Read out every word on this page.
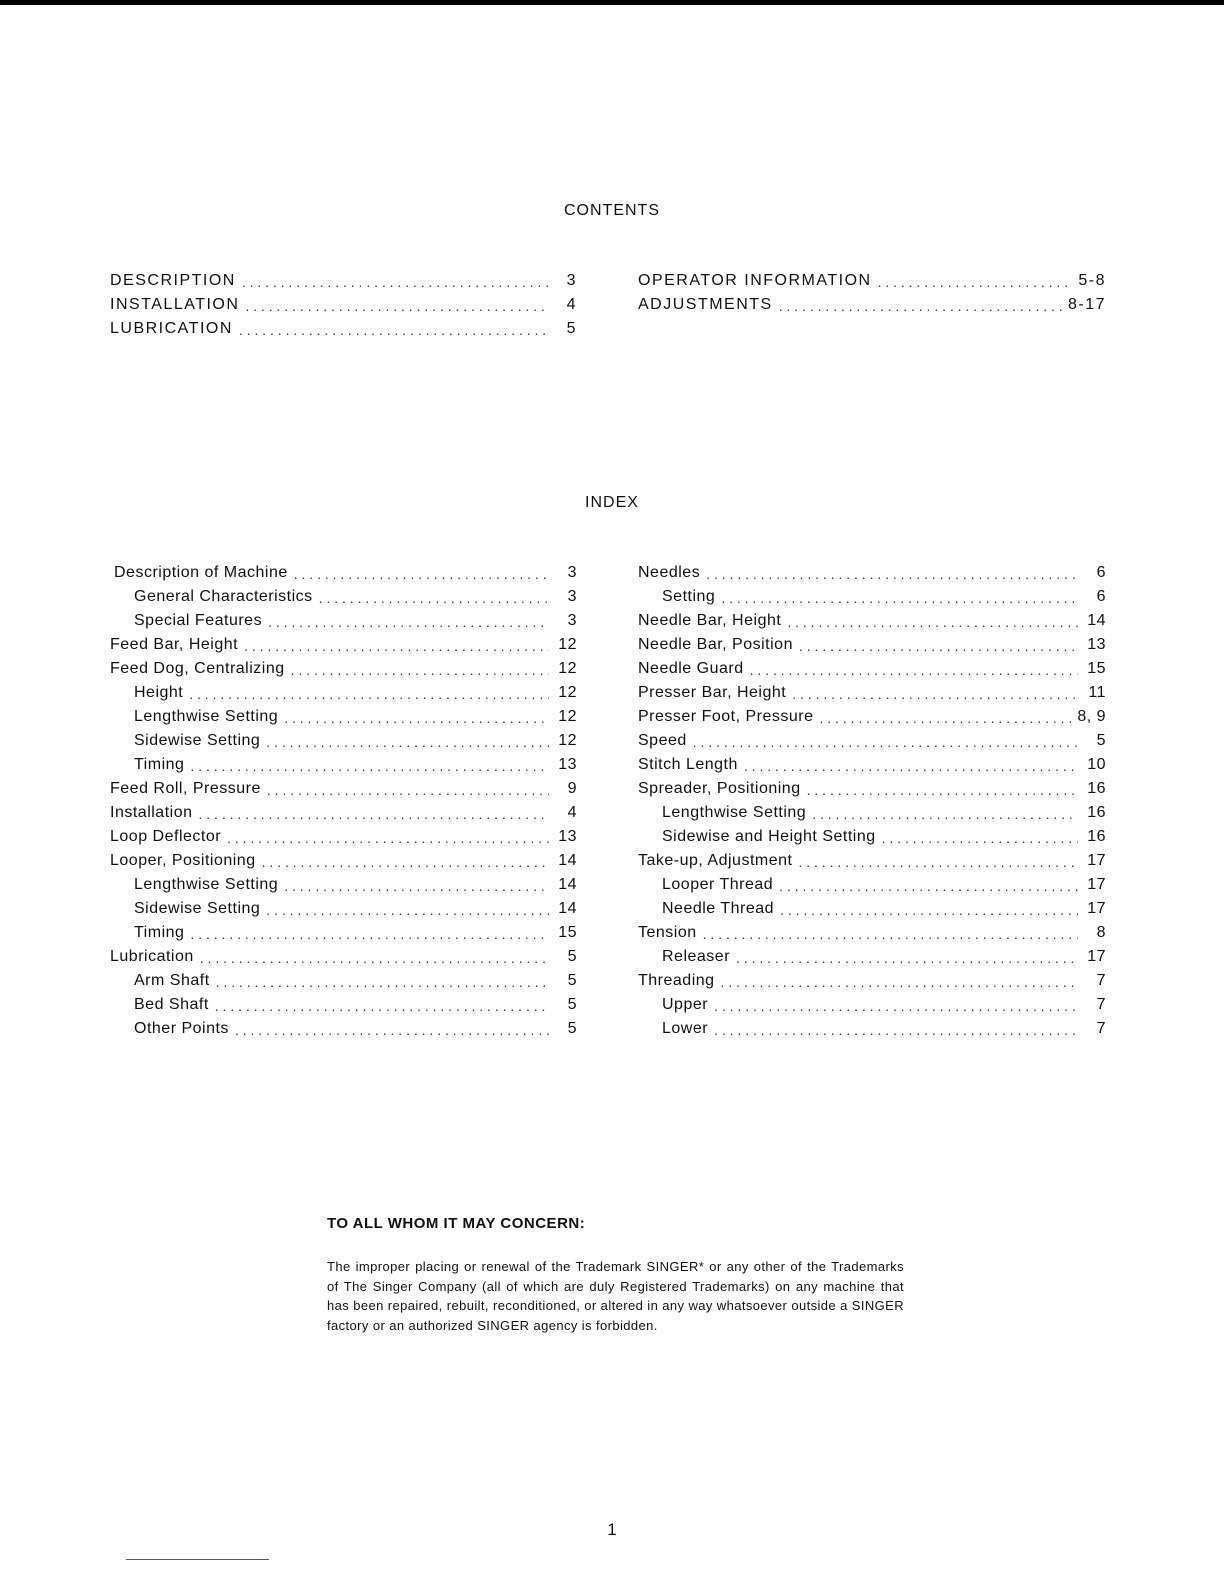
CONTENTS
DESCRIPTION . . .	3
INSTALLATION . . .	4
LUBRICATION . . .	5
OPERATOR INFORMATION . . .	5-8
ADJUSTMENTS . . .	8-17
INDEX
Description of Machine . . .	3
General Characteristics . . .	3
Special Features . . .	3
Feed Bar, Height . . .	12
Feed Dog, Centralizing . . .	12
Height . . .	12
Lengthwise Setting . . .	12
Sidewise Setting . . .	12
Timing . . .	13
Feed Roll, Pressure . . .	9
Installation . . .	4
Loop Deflector . . .	13
Looper, Positioning . . .	14
Lengthwise Setting . . .	14
Sidewise Setting . . .	14
Timing . . .	15
Lubrication . . .	5
Arm Shaft . . .	5
Bed Shaft . . .	5
Other Points . . .	5
Needles . . .	6
Setting . . .	6
Needle Bar, Height . . .	14
Needle Bar, Position . . .	13
Needle Guard . . .	15
Presser Bar, Height . . .	11
Presser Foot, Pressure . . .	8, 9
Speed . . .	5
Stitch Length . . .	10
Spreader, Positioning . . .	16
Lengthwise Setting . . .	16
Sidewise and Height Setting . . .	16
Take-up, Adjustment . . .	17
Looper Thread . . .	17
Needle Thread . . .	17
Tension . . .	8
Releaser . . .	17
Threading . . .	7
Upper . . .	7
Lower . . .	7
TO ALL WHOM IT MAY CONCERN:
The improper placing or renewal of the Trademark SINGER* or any other of the Trademarks of The Singer Company (all of which are duly Registered Trademarks) on any machine that has been repaired, rebuilt, reconditioned, or altered in any way whatsoever outside a SINGER factory or an authorized SINGER agency is forbidden.
1
